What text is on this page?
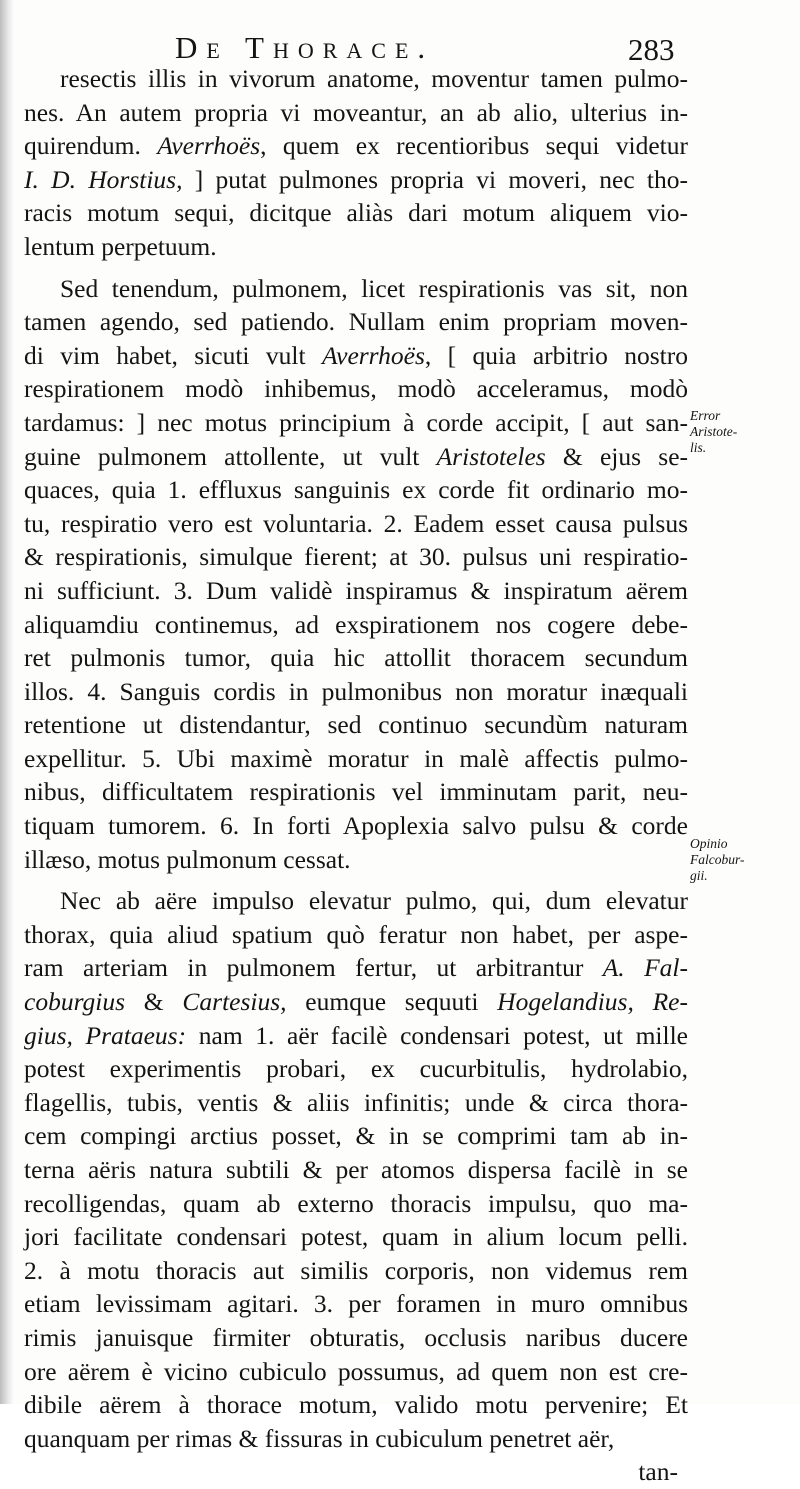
De Thorace.	283
resectis illis in vivorum anatome, moventur tamen pulmo-
nes. An autem propria vi moveantur, an ab alio, ulterius in-
quirendum. Averrhoës, quem ex recentioribus sequi videtur
I. D. Horstius, ] putat pulmones propria vi moveri, nec tho-
racis motum sequi, dicitque aliàs dari motum aliquem vio-
lentum perpetuum.
Sed tenendum, pulmonem, licet respirationis vas sit, non
tamen agendo, sed patiendo. Nullam enim propriam moven-
di vim habet, sicuti vult Averrhoës, [ quia arbitrio nostro
respirationem modò inhibemus, modò acceleramus, modò
tardamus: ] nec motus principium à corde accipit, [ aut san-
guine pulmonem attollente, ut vult Aristoteles & ejus se-
quaces, quia 1. effluxus sanguinis ex corde fit ordinario mo-
tu, respiratio vero est voluntaria. 2. Eadem esset causa pulsus
& respirationis, simulque fierent; at 30. pulsus uni respiratio-
ni sufficiunt. 3. Dum validè inspiramus & inspiratum aërem
aliquamdiu continemus, ad exspirationem nos cogere debe-
ret pulmonis tumor, quia hic attollit thoracem secundum
illos. 4. Sanguis cordis in pulmonibus non moratur inæquali
retentione ut distendantur, sed continuo secundùm naturam
expellitur. 5. Ubi maximè moratur in malè affectis pulmo-
nibus, difficultatem respirationis vel imminutam parit, neu-
tiquam tumorem. 6. In forti Apoplexia salvo pulsu & corde
illæso, motus pulmonum cessat.
Nec ab aëre impulso elevatur pulmo, qui, dum elevatur
thorax, quia aliud spatium quò feratur non habet, per aspe-
ram arteriam in pulmonem fertur, ut arbitrantur A. Fal-
coburgius & Cartesius, eumque sequuti Hogelandius, Re-
gius, Prataeus: nam 1. aër facilè condensari potest, ut mille
potest experimentis probari, ex cucurbitulis, hydrolabio,
flagellis, tubis, ventis & aliis infinitis; unde & circa thora-
cem compingi arctius posset, & in se comprimi tam ab in-
terna aëris natura subtili & per atomos dispersa facilè in se
recolligendas, quam ab externo thoracis impulsu, quo ma-
jori facilitate condensari potest, quam in alium locum pelli.
2. à motu thoracis aut similis corporis, non videmus rem
etiam levissimam agitari. 3. per foramen in muro omnibus
rimis januisque firmiter obturatis, occlusis naribus ducere
ore aërem è vicino cubiculo possumus, ad quem non est cre-
dibile aërem à thorace motum, valido motu pervenire; Et
quanquam per rimas & fissuras in cubiculum penetret aër,
tan-
Error
Aristote-
lis.
Opinio
Falcobur-
gii.
